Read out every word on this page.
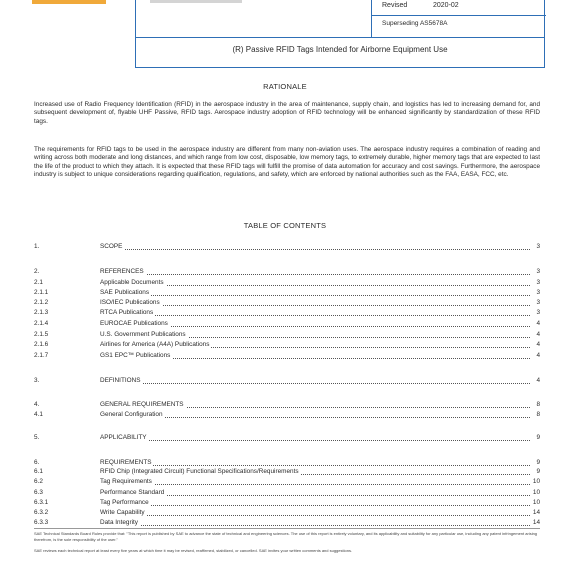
Revised	2020-02
Superseding AS5678A
(R) Passive RFID Tags Intended for Airborne Equipment Use
RATIONALE
Increased use of Radio Frequency Identification (RFID) in the aerospace industry in the area of maintenance, supply chain, and logistics has led to increasing demand for, and subsequent development of, flyable UHF Passive, RFID tags. Aerospace industry adoption of RFID technology will be enhanced significantly by standardization of these RFID tags.
The requirements for RFID tags to be used in the aerospace industry are different from many non-aviation uses. The aerospace industry requires a combination of reading and writing across both moderate and long distances, and which range from low cost, disposable, low memory tags, to extremely durable, higher memory tags that are expected to last the life of the product to which they attach. It is expected that these RFID tags will fulfill the promise of data automation for accuracy and cost savings. Furthermore, the aerospace industry is subject to unique considerations regarding qualification, regulations, and safety, which are enforced by national authorities such as the FAA, EASA, FCC, etc.
TABLE OF CONTENTS
1.	SCOPE	3
2.	REFERENCES	3
2.1	Applicable Documents	3
2.1.1	SAE Publications	3
2.1.2	ISO/IEC Publications	3
2.1.3	RTCA Publications	3
2.1.4	EUROCAE Publications	4
2.1.5	U.S. Government Publications	4
2.1.6	Airlines for America (A4A) Publications	4
2.1.7	GS1 EPC™ Publications	4
3.	DEFINITIONS	4
4.	GENERAL REQUIREMENTS	8
4.1	General Configuration	8
5.	APPLICABILITY	9
6.	REQUIREMENTS	9
6.1	RFID Chip (Integrated Circuit) Functional Specifications/Requirements	9
6.2	Tag Requirements	10
6.3	Performance Standard	10
6.3.1	Tag Performance	10
6.3.2	Write Capability	14
6.3.3	Data Integrity	14
SAE Technical Standards Board Rules provide that: "This report is published by SAE to advance the state of technical and engineering sciences. The use of this report is entirely voluntary, and its applicability and suitability for any particular use, including any patent infringement arising therefrom, is the sole responsibility of the user."
SAE reviews each technical report at least every five years at which time it may be revised, reaffirmed, stabilized, or cancelled. SAE invites your written comments and suggestions.
